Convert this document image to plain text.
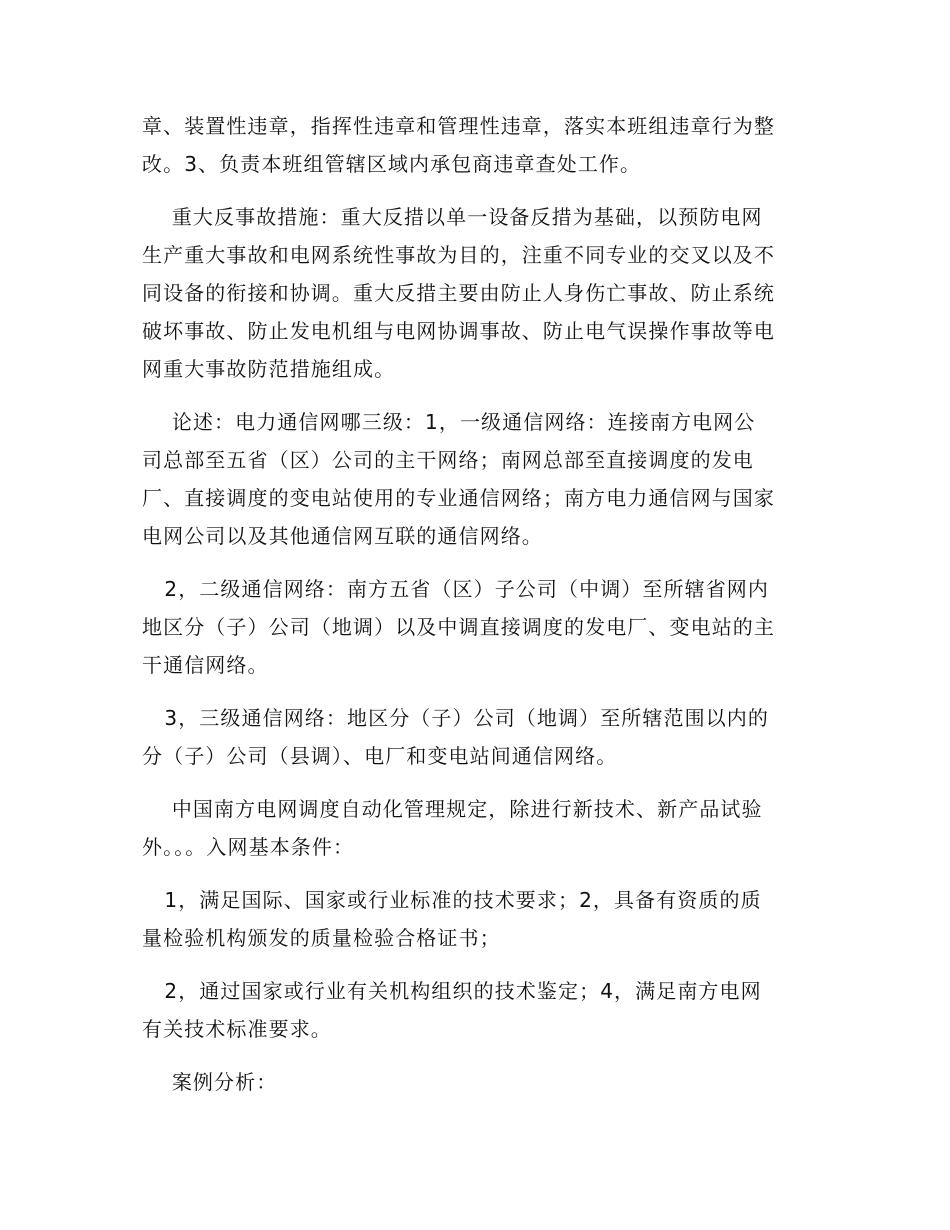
章、装置性违章，指挥性违章和管理性违章，落实本班组违章行为整
改。3、负责本班组管辖区域内承包商违章查处工作。
重大反事故措施：重大反措以单一设备反措为基础，以预防电网
生产重大事故和电网系统性事故为目的，注重不同专业的交叉以及不
同设备的衔接和协调。重大反措主要由防止人身伤亡事故、防止系统
破坏事故、防止发电机组与电网协调事故、防止电气误操作事故等电
网重大事故防范措施组成。
论述：电力通信网哪三级：1，一级通信网络：连接南方电网公
司总部至五省（区）公司的主干网络；南网总部至直接调度的发电
厂、直接调度的变电站使用的专业通信网络；南方电力通信网与国家
电网公司以及其他通信网互联的通信网络。
2，二级通信网络：南方五省（区）子公司（中调）至所辖省网内
地区分（子）公司（地调）以及中调直接调度的发电厂、变电站的主
干通信网络。
3，三级通信网络：地区分（子）公司（地调）至所辖范围以内的
分（子）公司（县调）、电厂和变电站间通信网络。
中国南方电网调度自动化管理规定，除进行新技术、新产品试验
外。。。入网基本条件：
1，满足国际、国家或行业标准的技术要求；2，具备有资质的质
量检验机构颁发的质量检验合格证书；
2，通过国家或行业有关机构组织的技术鉴定；4，满足南方电网
有关技术标准要求。
案例分析：
